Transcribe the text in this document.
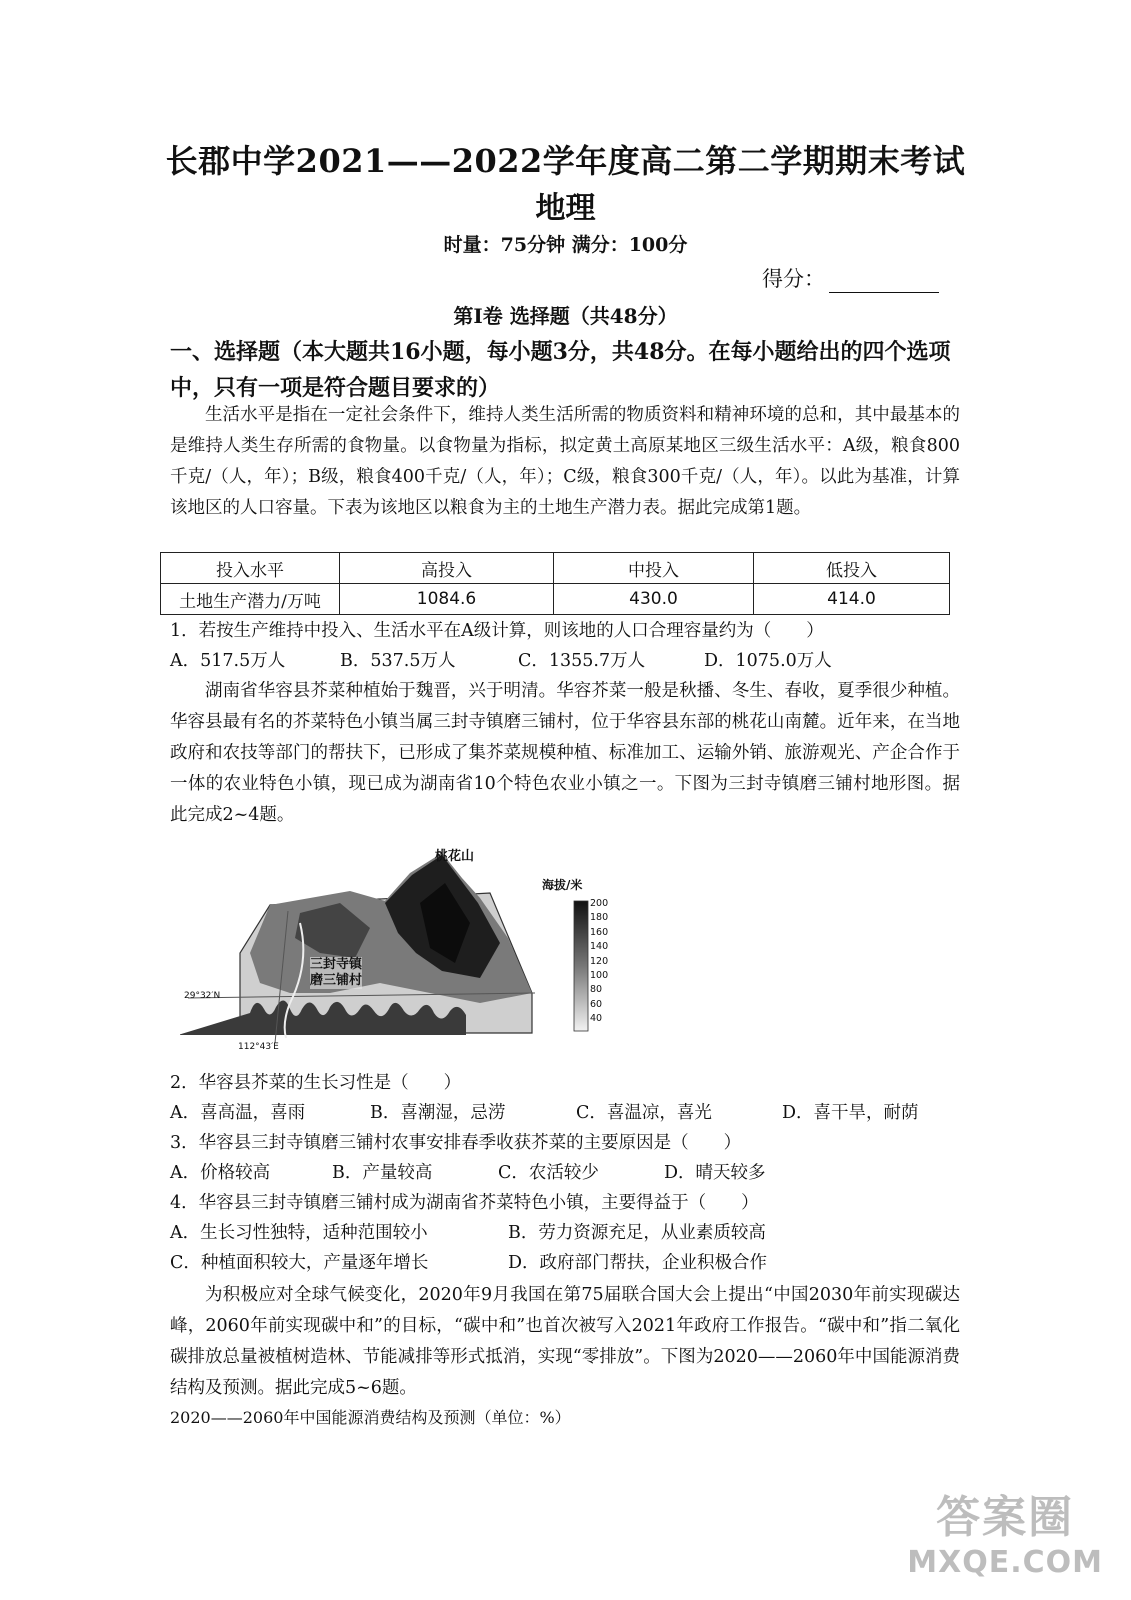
长郡中学2021——2022学年度高二第二学期期末考试
地理
时量：75分钟 满分：100分
得分：
第Ⅰ卷 选择题（共48分）
一、选择题（本大题共16小题，每小题3分，共48分。在每小题给出的四个选项中，只有一项是符合题目要求的）
生活水平是指在一定社会条件下，维持人类生活所需的物质资料和精神环境的总和，其中最基本的是维持人类生存所需的食物量。以食物量为指标，拟定黄土高原某地区三级生活水平：A级，粮食800千克/（人，年）；B级，粮食400千克/（人，年）；C级，粮食300千克/（人，年）。以此为基准，计算该地区的人口容量。下表为该地区以粮食为主的土地生产潜力表。据此完成第1题。
投入水平	高投入	中投入	低投入
土地生产潜力/万吨	1084.6	430.0	414.0
1．若按生产维持中投入、生活水平在A级计算，则该地的人口合理容量约为（　　）
A．517.5万人	B．537.5万人	C．1355.7万人	D．1075.0万人
湖南省华容县芥菜种植始于魏晋，兴于明清。华容芥菜一般是秋播、冬生、春收，夏季很少种植。华容县最有名的芥菜特色小镇当属三封寺镇磨三铺村，位于华容县东部的桃花山南麓。近年来，在当地政府和农技等部门的帮扶下，已形成了集芥菜规模种植、标准加工、运输外销、旅游观光、产企合作于一体的农业特色小镇，现已成为湖南省10个特色农业小镇之一。下图为三封寺镇磨三铺村地形图。据此完成2~4题。
桃花山
海拔/米
200
180
160
140
120
100
80
60
40
三封寺镇
磨三铺村
29°32′N
112°43′E
2．华容县芥菜的生长习性是（　　）
A．喜高温，喜雨	B．喜潮湿，忌涝	C．喜温凉，喜光	D．喜干旱，耐荫
3．华容县三封寺镇磨三铺村农事安排春季收获芥菜的主要原因是（　　）
A．价格较高	B．产量较高	C．农活较少	D．晴天较多
4．华容县三封寺镇磨三铺村成为湖南省芥菜特色小镇，主要得益于（　　）
A．生长习性独特，适种范围较小	B．劳力资源充足，从业素质较高
C．种植面积较大，产量逐年增长	D．政府部门帮扶，企业积极合作
为积极应对全球气候变化，2020年9月我国在第75届联合国大会上提出“中国2030年前实现碳达峰，2060年前实现碳中和”的目标，“碳中和”也首次被写入2021年政府工作报告。“碳中和”指二氧化碳排放总量被植树造林、节能减排等形式抵消，实现“零排放”。下图为2020——2060年中国能源消费结构及预测。据此完成5~6题。
2020——2060年中国能源消费结构及预测（单位：%）
答案圈
MXQE.COM
